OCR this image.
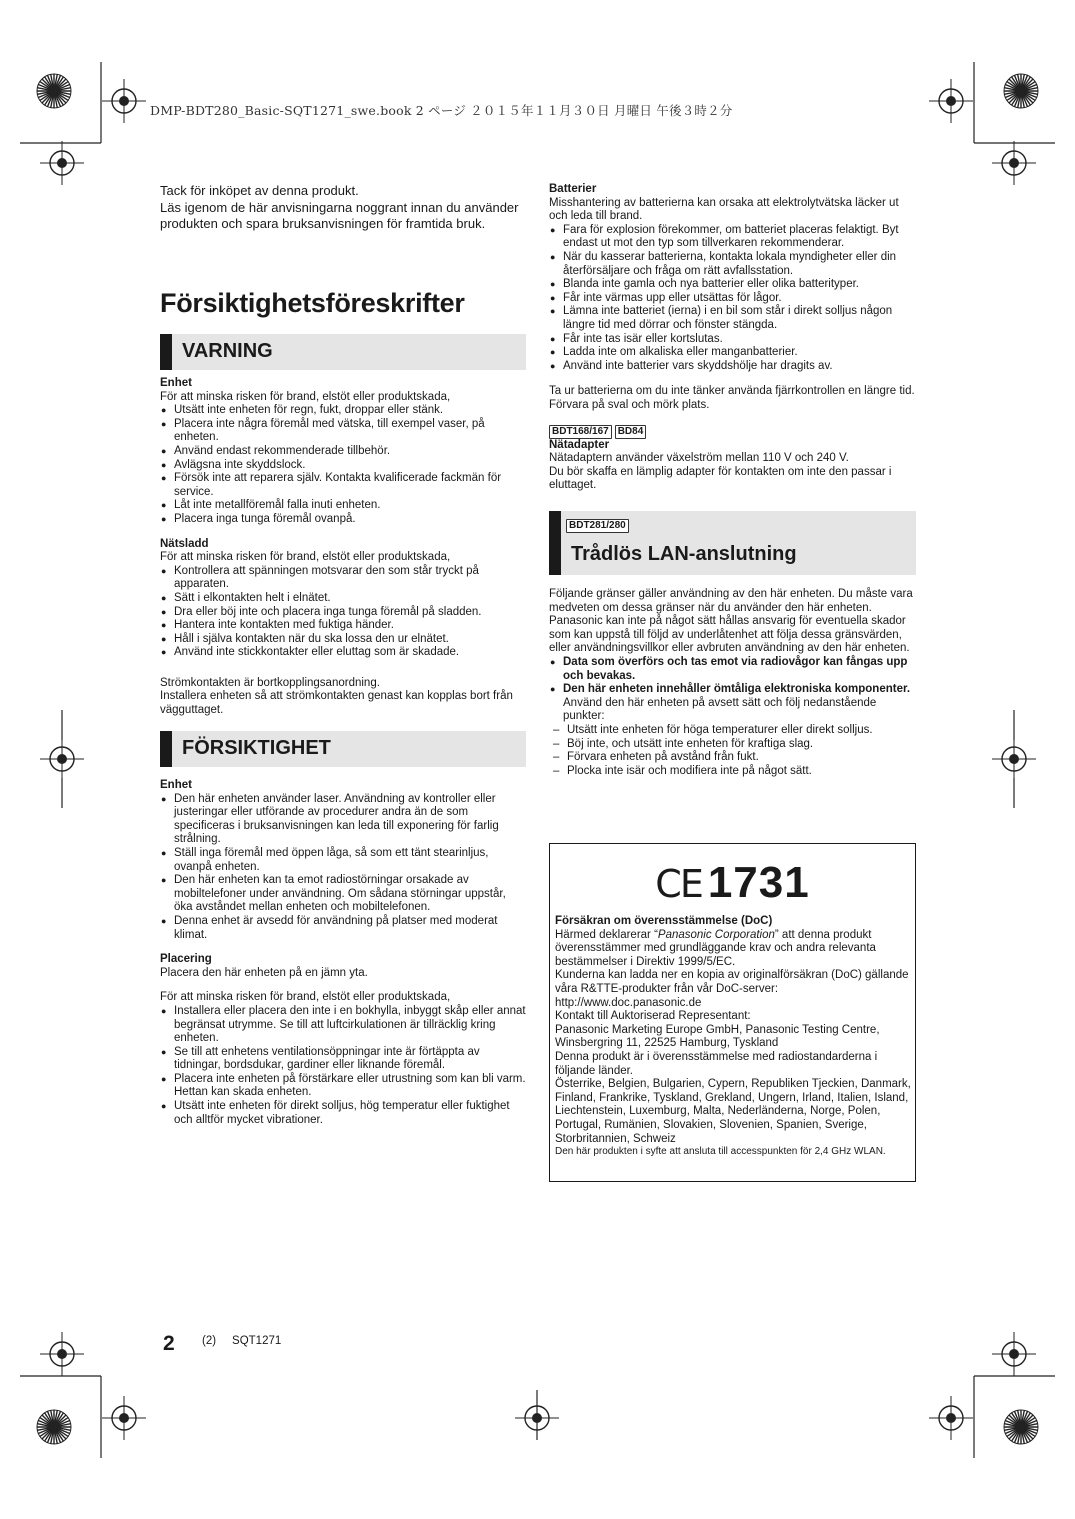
DMP-BDT280_Basic-SQT1271_swe.book 2 ページ ２０１５年１１月３０日 月曜日 午後３時２分

Tack för inköpet av denna produkt.

Läs igenom de här anvisningarna noggrant innan du använder produkten och spara bruksanvisningen för framtida bruk.

Försiktighetsföreskrifter
VARNING
Enhet

För att minska risken för brand, elstöt eller produktskada,

● Utsätt inte enheten för regn, fukt, droppar eller stänk.
● Placera inte några föremål med vätska, till exempel vaser, på enheten.
● Använd endast rekommenderade tillbehör.
● Avlägsna inte skyddslock.
● Försök inte att reparera själv. Kontakta kvalificerade fackmän för service.
● Låt inte metallföremål falla inuti enheten.
● Placera inga tunga föremål ovanpå.
Nätsladd

För att minska risken för brand, elstöt eller produktskada,

● Kontrollera att spänningen motsvarar den som står tryckt på apparaten.
● Sätt i elkontakten helt i elnätet.
● Dra eller böj inte och placera inga tunga föremål på sladden.
● Hantera inte kontakten med fuktiga händer.
● Håll i själva kontakten när du ska lossa den ur elnätet.
● Använd inte stickkontakter eller eluttag som är skadade.

Strömkontakten är bortkopplingsanordning.

Installera enheten så att strömkontakten genast kan kopplas bort från vägguttaget.

FÖRSIKTIGHET
Enhet
● Den här enheten använder laser. Användning av kontroller eller justeringar eller utförande av procedurer andra än de som specificeras i bruksanvisningen kan leda till exponering för farlig strålning.
● Ställ inga föremål med öppen låga, så som ett tänt stearinljus, ovanpå enheten.
● Den här enheten kan ta emot radiostörningar orsakade av mobiltelefoner under användning. Om sådana störningar uppstår, öka avståndet mellan enheten och mobiltelefonen.
● Denna enhet är avsedd för användning på platser med moderat klimat.
Placering

Placera den här enheten på en jämn yta.

För att minska risken för brand, elstöt eller produktskada,

● Installera eller placera den inte i en bokhylla, inbyggt skåp eller annat begränsat utrymme. Se till att luftcirkulationen är tillräcklig kring enheten.
● Se till att enhetens ventilationsöppningar inte är förtäppta av tidningar, bordsdukar, gardiner eller liknande föremål.
● Placera inte enheten på förstärkare eller utrustning som kan bli varm. Hettan kan skada enheten.
● Utsätt inte enheten för direkt solljus, hög temperatur eller fuktighet och alltför mycket vibrationer.
Batterier

Misshantering av batterierna kan orsaka att elektrolytvätska läcker ut och leda till brand.

● Fara för explosion förekommer, om batteriet placeras felaktigt. Byt endast ut mot den typ som tillverkaren rekommenderar.
● När du kasserar batterierna, kontakta lokala myndigheter eller din återförsäljare och fråga om rätt avfallsstation.
● Blanda inte gamla och nya batterier eller olika batterityper.
● Får inte värmas upp eller utsättas för lågor.
● Lämna inte batteriet (ierna) i en bil som står i direkt solljus någon längre tid med dörrar och fönster stängda.
● Får inte tas isär eller kortslutas.
● Ladda inte om alkaliska eller manganbatterier.
● Använd inte batterier vars skyddshölje har dragits av.

Ta ur batterierna om du inte tänker använda fjärrkontrollen en längre tid. Förvara på sval och mörk plats.

BDT168/167 BD84
Nätadapter

Nätadaptern använder växelström mellan 110 V och 240 V.

Du bör skaffa en lämplig adapter för kontakten om inte den passar i eluttaget.

BDT281/280
Trådlös LAN-anslutning

Följande gränser gäller användning av den här enheten. Du måste vara medveten om dessa gränser när du använder den här enheten.

Panasonic kan inte på något sätt hållas ansvarig för eventuella skador som kan uppstå till följd av underlåtenhet att följa dessa gränsvärden, eller användningsvillkor eller avbruten användning av den här enheten.

● Data som överförs och tas emot via radiovågor kan fångas upp och bevakas.
● Den här enheten innehåller ömtåliga elektroniska komponenter.

Använd den här enheten på avsett sätt och följ nedanstående punkter:

– Utsätt inte enheten för höga temperaturer eller direkt solljus.
– Böj inte, och utsätt inte enheten för kraftiga slag.
– Förvara enheten på avstånd från fukt.
– Plocka inte isär och modifiera inte på något sätt.
CE 1731

Försäkran om överensstämmelse (DoC)

Härmed deklarerar “Panasonic Corporation” att denna produkt överensstämmer med grundläggande krav och andra relevanta bestämmelser i Direktiv 1999/5/EC.

Kunderna kan ladda ner en kopia av originalförsäkran (DoC) gällande våra R&TTE-produkter från vår DoC-server:

http://www.doc.panasonic.de

Kontakt till Auktoriserad Representant:

Panasonic Marketing Europe GmbH, Panasonic Testing Centre, Winsbergring 11, 22525 Hamburg, Tyskland

Denna produkt är i överensstämmelse med radiostandarderna i följande länder.

Österrike, Belgien, Bulgarien, Cypern, Republiken Tjeckien, Danmark, Finland, Frankrike, Tyskland, Grekland, Ungern, Irland, Italien, Island, Liechtenstein, Luxemburg, Malta, Nederländerna, Norge, Polen, Portugal, Rumänien, Slovakien, Slovenien, Spanien, Sverige, Storbritannien, Schweiz

Den här produkten i syfte att ansluta till accesspunkten för 2,4 GHz WLAN.

2 (2) SQT1271
